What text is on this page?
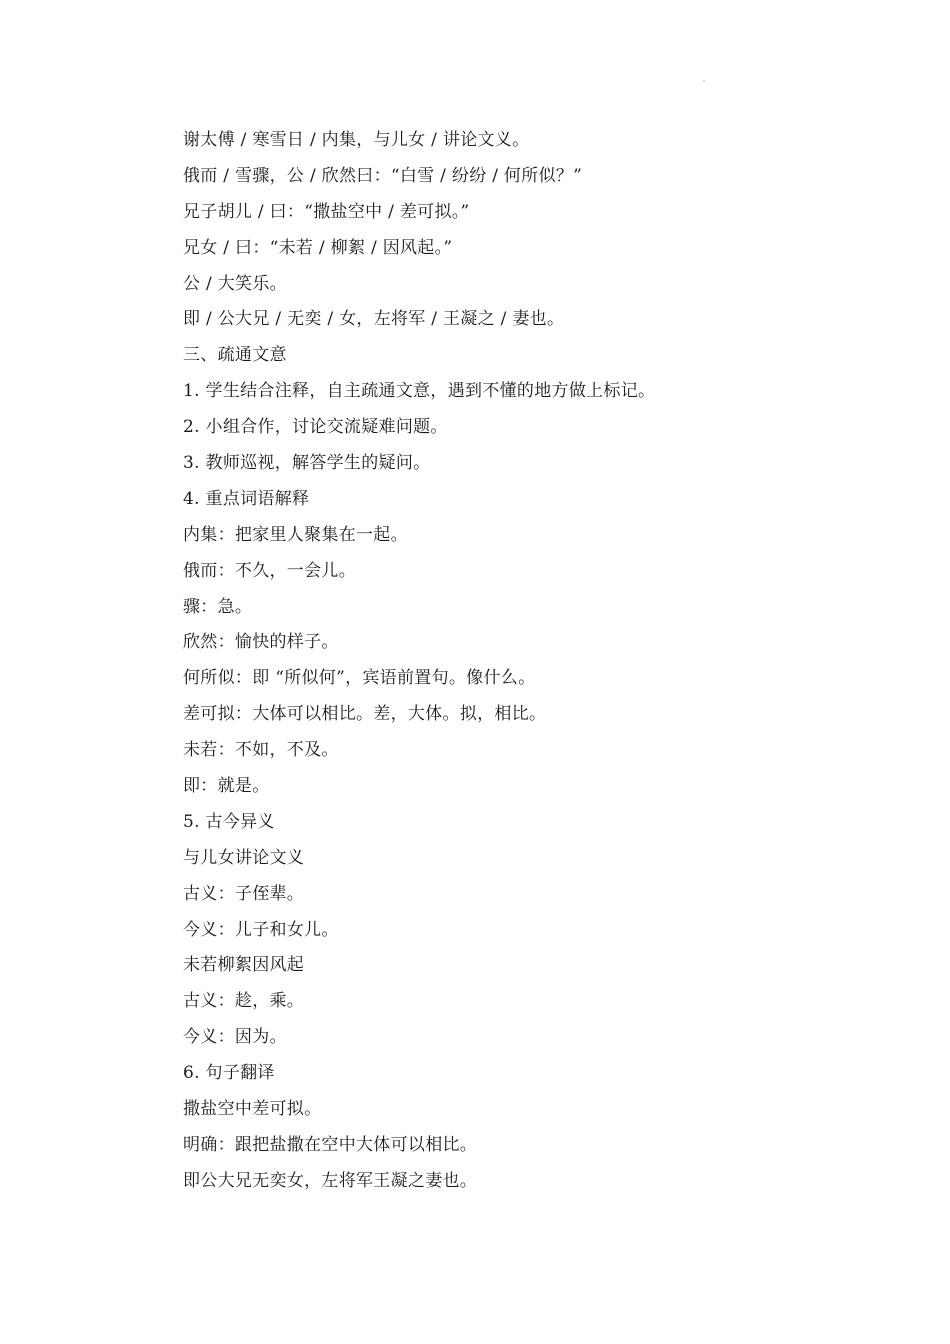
谢太傅 / 寒雪日 / 内集，与儿女 / 讲论文义。
俄而 / 雪骤，公 / 欣然曰：“白雪 / 纷纷 / 何所似？”
兄子胡儿 / 曰：“撒盐空中 / 差可拟。”
兄女 / 曰：“未若 / 柳絮 / 因风起。”
公 / 大笑乐。
即 / 公大兄 / 无奕 / 女，左将军 / 王凝之 / 妻也。
三、疏通文意
1. 学生结合注释，自主疏通文意，遇到不懂的地方做上标记。
2. 小组合作，讨论交流疑难问题。
3. 教师巡视，解答学生的疑问。
4. 重点词语解释
内集：把家里人聚集在一起。
俄而：不久，一会儿。
骤：急。
欣然：愉快的样子。
何所似：即 “所似何”，宾语前置句。像什么。
差可拟：大体可以相比。差，大体。拟，相比。
未若：不如，不及。
即：就是。
5. 古今异义
与儿女讲论文义
古义：子侄辈。
今义：儿子和女儿。
未若柳絮因风起
古义：趁，乘。
今义：因为。
6. 句子翻译
撒盐空中差可拟。
明确：跟把盐撒在空中大体可以相比。
即公大兄无奕女，左将军王凝之妻也。
